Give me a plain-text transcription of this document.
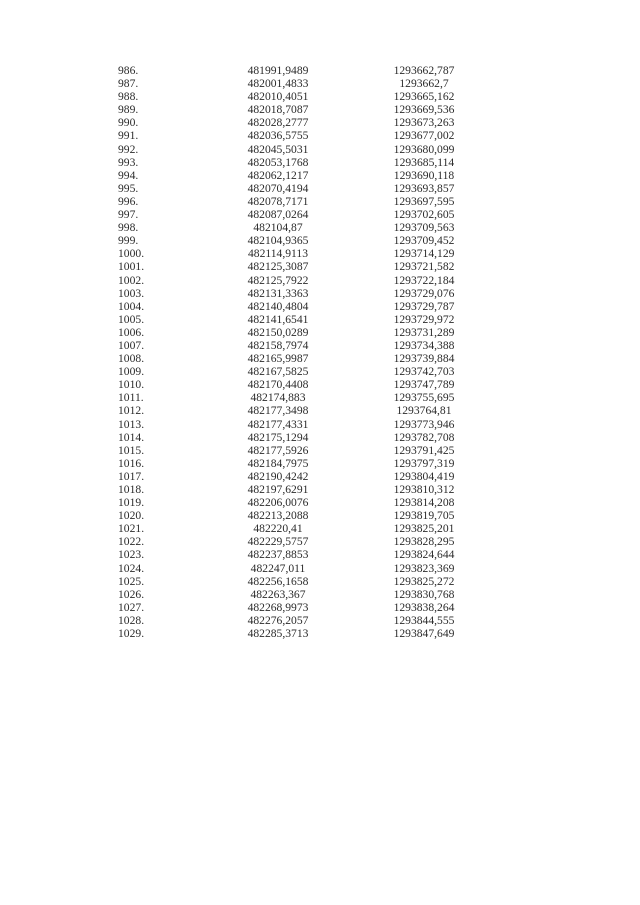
986.	481991,9489	1293662,787
987.	482001,4833	1293662,7
988.	482010,4051	1293665,162
989.	482018,7087	1293669,536
990.	482028,2777	1293673,263
991.	482036,5755	1293677,002
992.	482045,5031	1293680,099
993.	482053,1768	1293685,114
994.	482062,1217	1293690,118
995.	482070,4194	1293693,857
996.	482078,7171	1293697,595
997.	482087,0264	1293702,605
998.	482104,87	1293709,563
999.	482104,9365	1293709,452
1000.	482114,9113	1293714,129
1001.	482125,3087	1293721,582
1002.	482125,7922	1293722,184
1003.	482131,3363	1293729,076
1004.	482140,4804	1293729,787
1005.	482141,6541	1293729,972
1006.	482150,0289	1293731,289
1007.	482158,7974	1293734,388
1008.	482165,9987	1293739,884
1009.	482167,5825	1293742,703
1010.	482170,4408	1293747,789
1011.	482174,883	1293755,695
1012.	482177,3498	1293764,81
1013.	482177,4331	1293773,946
1014.	482175,1294	1293782,708
1015.	482177,5926	1293791,425
1016.	482184,7975	1293797,319
1017.	482190,4242	1293804,419
1018.	482197,6291	1293810,312
1019.	482206,0076	1293814,208
1020.	482213,2088	1293819,705
1021.	482220,41	1293825,201
1022.	482229,5757	1293828,295
1023.	482237,8853	1293824,644
1024.	482247,011	1293823,369
1025.	482256,1658	1293825,272
1026.	482263,367	1293830,768
1027.	482268,9973	1293838,264
1028.	482276,2057	1293844,555
1029.	482285,3713	1293847,649
